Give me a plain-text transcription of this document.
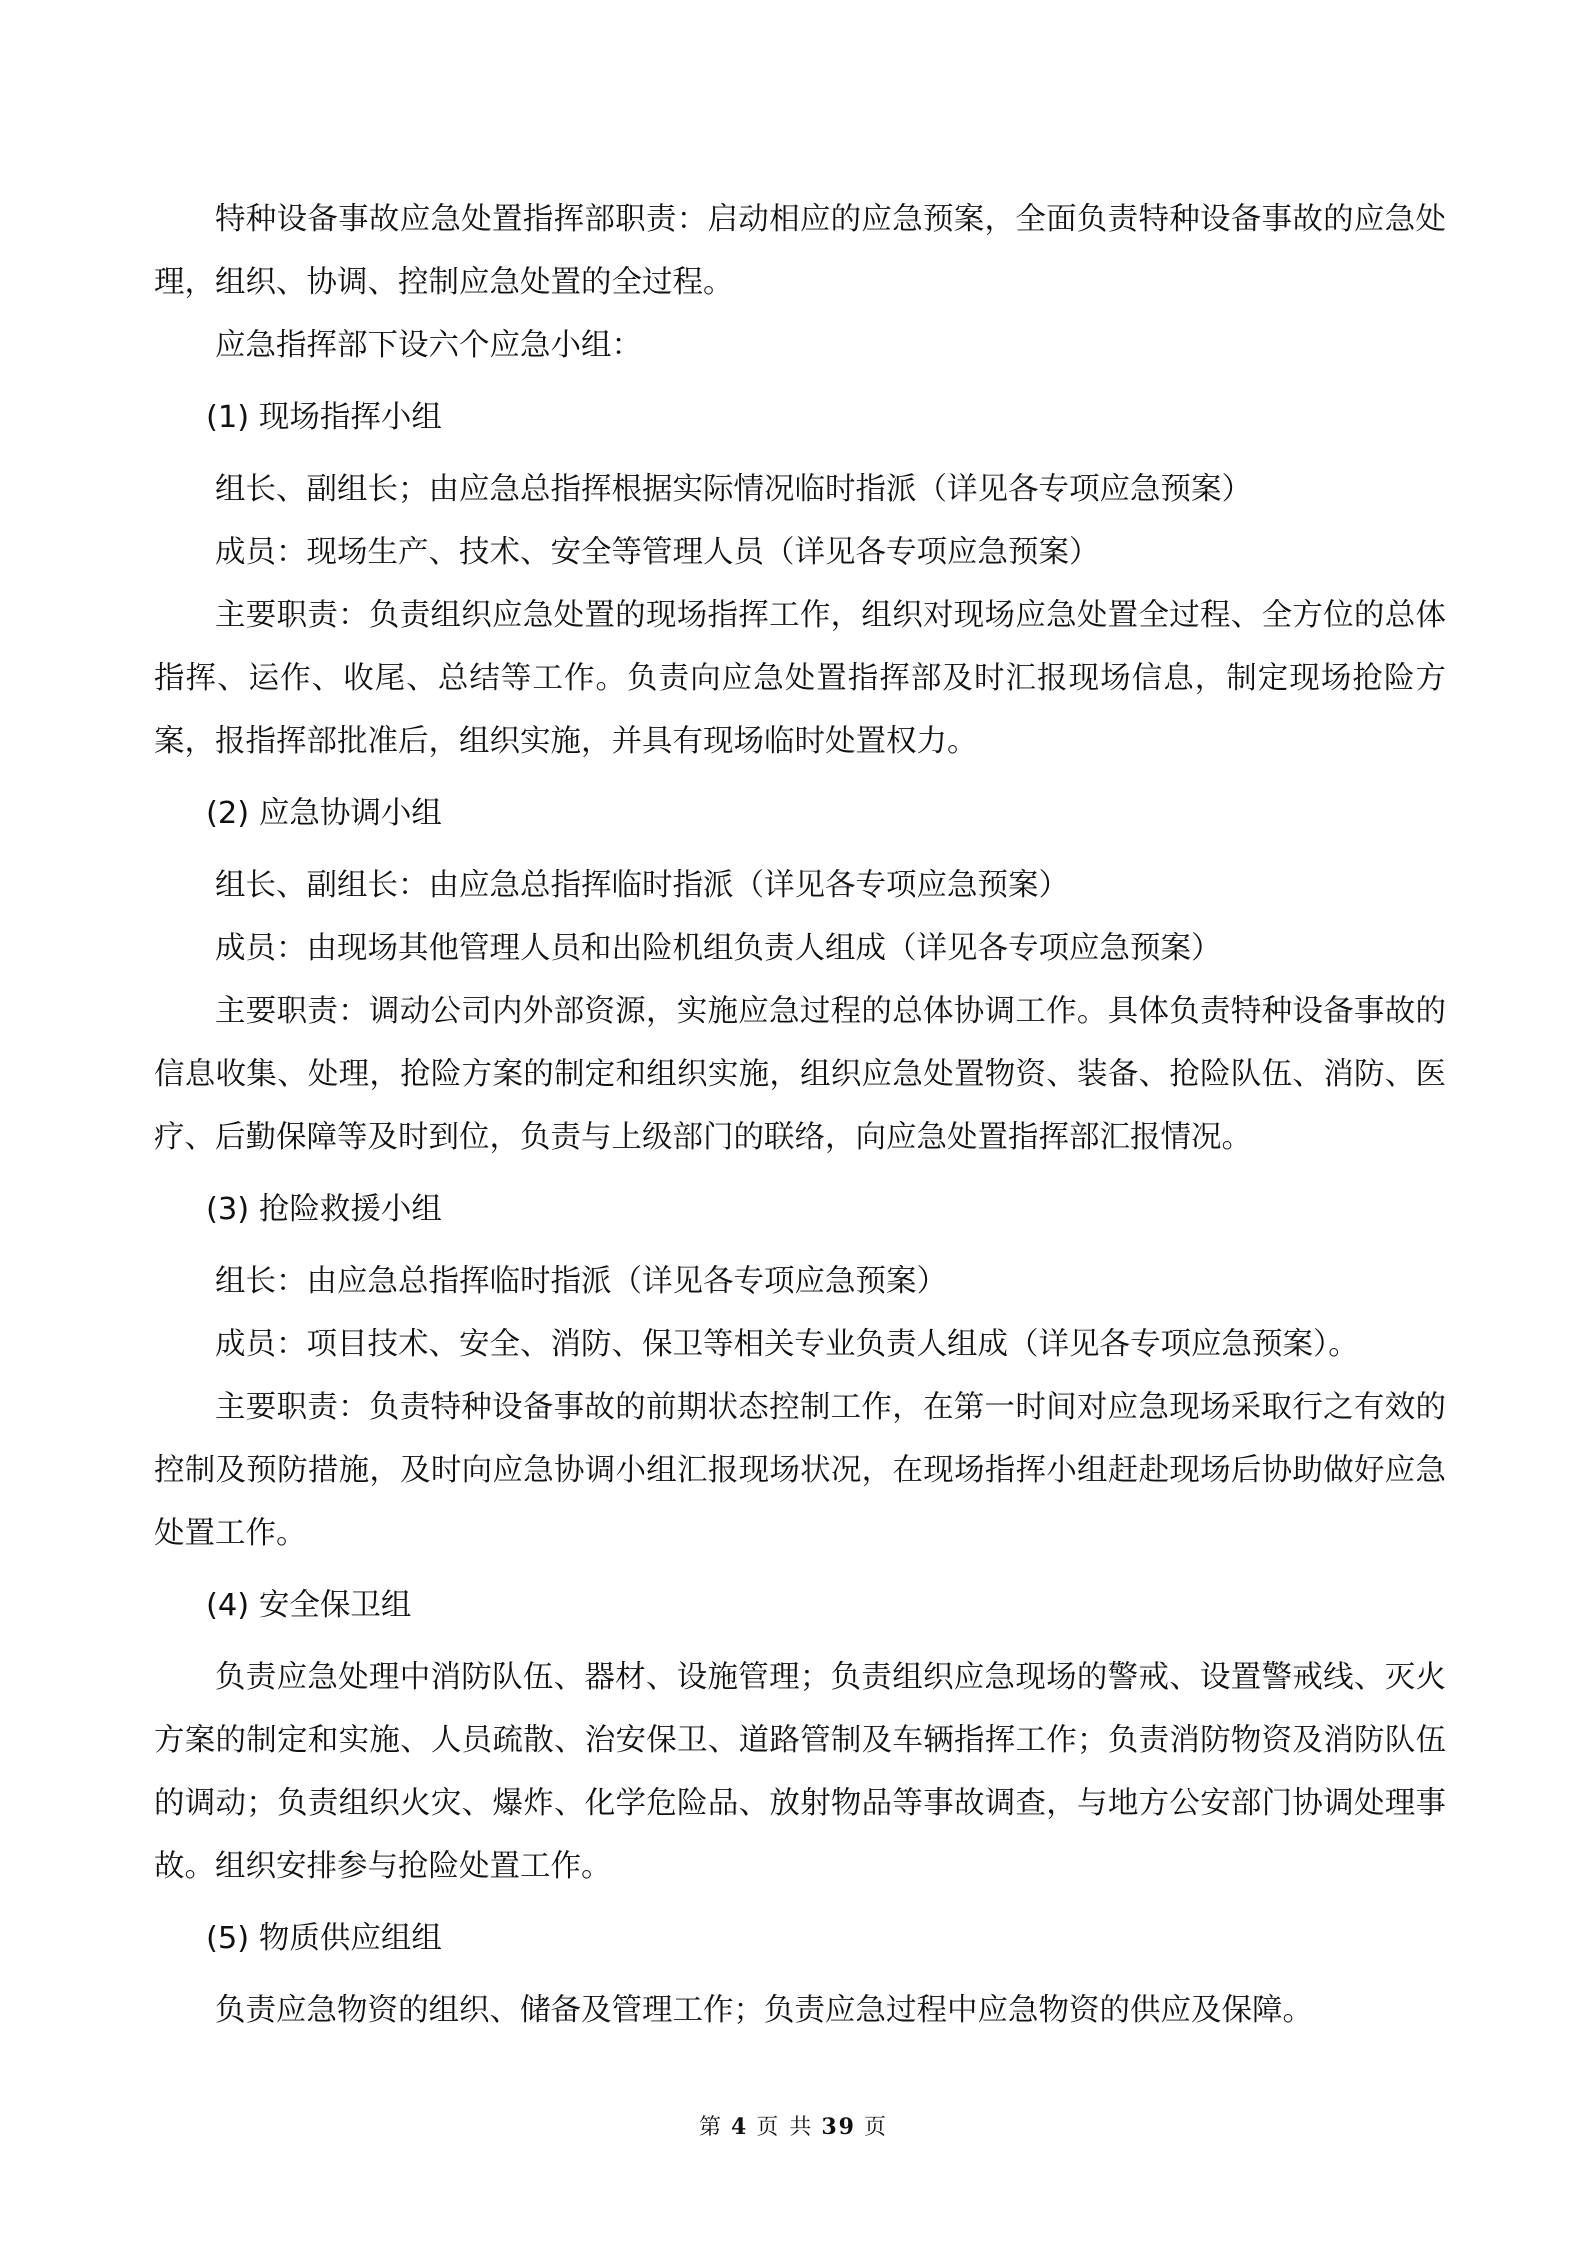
特种设备事故应急处置指挥部职责：启动相应的应急预案，全面负责特种设备事故的应急处理，组织、协调、控制应急处置的全过程。

应急指挥部下设六个应急小组：

(1) 现场指挥小组

组长、副组长；由应急总指挥根据实际情况临时指派（详见各专项应急预案）

成员：现场生产、技术、安全等管理人员（详见各专项应急预案）

主要职责：负责组织应急处置的现场指挥工作，组织对现场应急处置全过程、全方位的总体指挥、运作、收尾、总结等工作。负责向应急处置指挥部及时汇报现场信息，制定现场抢险方案，报指挥部批准后，组织实施，并具有现场临时处置权力。

(2) 应急协调小组

组长、副组长：由应急总指挥临时指派（详见各专项应急预案）

成员：由现场其他管理人员和出险机组负责人组成（详见各专项应急预案）

主要职责：调动公司内外部资源，实施应急过程的总体协调工作。具体负责特种设备事故的信息收集、处理，抢险方案的制定和组织实施，组织应急处置物资、装备、抢险队伍、消防、医疗、后勤保障等及时到位，负责与上级部门的联络，向应急处置指挥部汇报情况。

(3) 抢险救援小组

组长：由应急总指挥临时指派（详见各专项应急预案）

成员：项目技术、安全、消防、保卫等相关专业负责人组成（详见各专项应急预案）。

主要职责：负责特种设备事故的前期状态控制工作，在第一时间对应急现场采取行之有效的控制及预防措施，及时向应急协调小组汇报现场状况，在现场指挥小组赶赴现场后协助做好应急处置工作。

(4) 安全保卫组

负责应急处理中消防队伍、器材、设施管理；负责组织应急现场的警戒、设置警戒线、灭火方案的制定和实施、人员疏散、治安保卫、道路管制及车辆指挥工作；负责消防物资及消防队伍的调动；负责组织火灾、爆炸、化学危险品、放射物品等事故调查，与地方公安部门协调处理事故。组织安排参与抢险处置工作。

(5) 物质供应组组

负责应急物资的组织、储备及管理工作；负责应急过程中应急物资的供应及保障。

第 4 页 共 39 页
